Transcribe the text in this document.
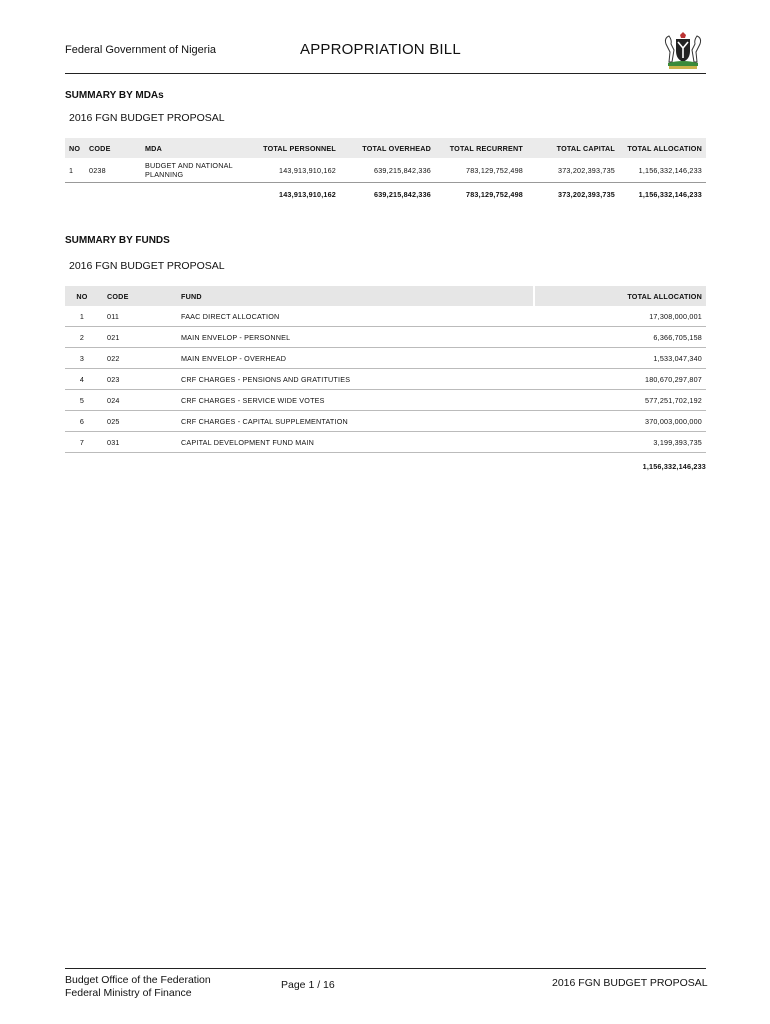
Federal Government of Nigeria	APPROPRIATION BILL
SUMMARY BY MDAs
2016 FGN BUDGET PROPOSAL
NO	CODE	MDA	TOTAL PERSONNEL	TOTAL OVERHEAD	TOTAL RECURRENT	TOTAL CAPITAL	TOTAL ALLOCATION
1	0238	BUDGET AND NATIONAL PLANNING	143,913,910,162	639,215,842,336	783,129,752,498	373,202,393,735	1,156,332,146,233
			143,913,910,162	639,215,842,336	783,129,752,498	373,202,393,735	1,156,332,146,233
SUMMARY BY FUNDS
2016 FGN BUDGET PROPOSAL
NO	CODE	FUND	TOTAL ALLOCATION
1	011	FAAC DIRECT ALLOCATION	17,308,000,001
2	021	MAIN ENVELOP - PERSONNEL	6,366,705,158
3	022	MAIN ENVELOP - OVERHEAD	1,533,047,340
4	023	CRF CHARGES - PENSIONS AND GRATITUTIES	180,670,297,807
5	024	CRF CHARGES - SERVICE WIDE VOTES	577,251,702,192
6	025	CRF CHARGES - CAPITAL SUPPLEMENTATION	370,003,000,000
7	031	CAPITAL DEVELOPMENT FUND MAIN	3,199,393,735
1,156,332,146,233
Budget Office of the Federation
Federal Ministry of Finance
Page 1 / 16	2016 FGN BUDGET PROPOSAL
